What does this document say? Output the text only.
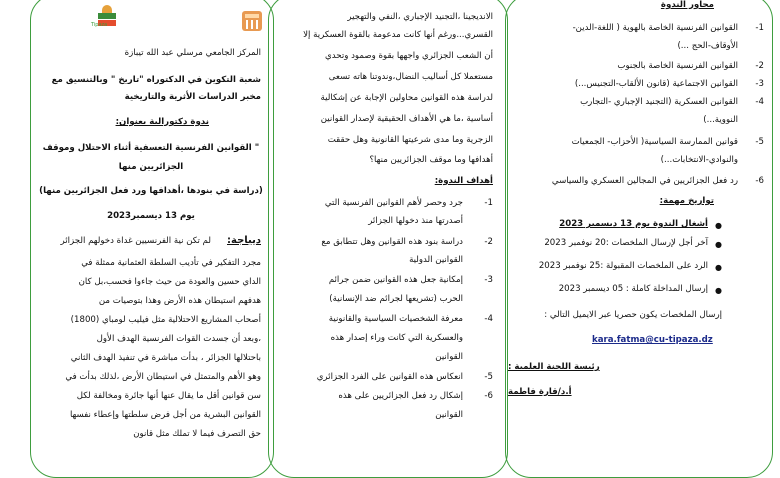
محاور الندوة
-1
القوانين الفرنسية الخاصة بالهوية ( اللغة-الدين-
الأوقاف-الحج ...)
-2
القوانين الفرنسية الخاصة بالجنوب
-3
القوانين الاجتماعية (قانون الألقاب-التجنيس...)
-4
القوانين العسكرية (التجنيد الإجباري -التجارب
النووية...)
-5
قوانين الممارسة السياسية( الأحزاب- الجمعيات
والنوادي-الانتخابات...)
-6
رد فعل الجزائريين في المجالين العسكري والسياسي
تواريخ مهمة:
●
أشغال الندوة يوم 13 ديسمبر 2023
●
آخر أجل لإرسال الملخصات :20 نوفمبر 2023
●
الرد على الملخصات المقبولة :25 نوفمبر 2023
●
إرسال المداخلة كاملة : 05 ديسمبر 2023
إرسال الملخصات يكون حصريا عبر الايميل التالي :
kara.fatma@cu-tipaza.dz
رئيسة اللجنة العلمية :
أ.د/قارة فاطمة
الاندیجینا ،التجنید الإجباري ،النفي والتهجیر
القسري...ورغم أنها كانت مدعومة بالقوة العسكریة إلا
أن الشعب الجزائري واجهها بقوة وصمود وتحدي
مستعملا كل أسالیب النضال،وندوتنا هاته تسعى
لدراسة هذه القوانین محاولین الإجابة عن إشكالیة
أساسیة ،ما هي الأهداف الحقیقیة لإصدار القوانین
الزجرية وما مدى شرعیتها القانونیة وهل حققت
أهدافها وما موقف الجزائريين منها؟
أهداف الندوة:
-1
جرد وحصر لأهم القوانين الفرنسية التي
أصدرتها منذ دخولها الجزائر
-2
دراسة بنود هذه القوانين وهل تتطابق مع
القوانين الدولية
-3
إمكانية جعل هذه القوانين ضمن جرائم
الحرب (تشريعها لجرائم ضد الإنسانية)
-4
معرفة الشخصيات السياسية والقانونية
والعسكرية التي كانت وراء إصدار هذه
القوانين
-5
انعكاس هذه القوانين على الفرد الجزائري
-6
إشكال رد فعل الجزائريين على هذه
القوانين
Tipaza
المركز الجامعي مرسلي عبد الله تيبازة
شعبة التكوين في الدكتوراه "تاريخ " وبالتنسيق مع
مخبر الدراسات الأثرية والتاريخية
ندوة دكتورالية بعنوان:
" القوانين الفرنسية التعسفية أثناء الاحتلال وموقف
الجزائريين منها
(دراسة في بنودها ،أهدافها ورد فعل الجزائريين منها)
يوم 13 ديسمبر2023
ديباجة:
لم تكن نية الفرنسيين غداة دخولهم الجزائر
مجرد التفكير في تأديب السلطة العثمانية ممثلة في
الداي حسين والعودة من حيث جاءوا فحسب،بل كان
هدفهم استيطان هذه الأرض وهذا بتوصيات من
أصحاب المشاريع الاحتلالية مثل فيليب لومباي (1800)
،وبعد أن جسدت القوات الفرنسية الهدف الأول
باحتلالها الجزائر ، بدأت مباشرة في تنفيذ الهدف الثاني
وهو الأهم والمتمثل في استيطان الأرض ،لذلك بدأت في
سن قوانين أقل ما يقال عنها أنها جائرة ومخالفة لكل
القوانين البشرية من أجل فرض سلطتها وإعطاء نفسها
حق التصرف فيما لا تملك مثل قانون
